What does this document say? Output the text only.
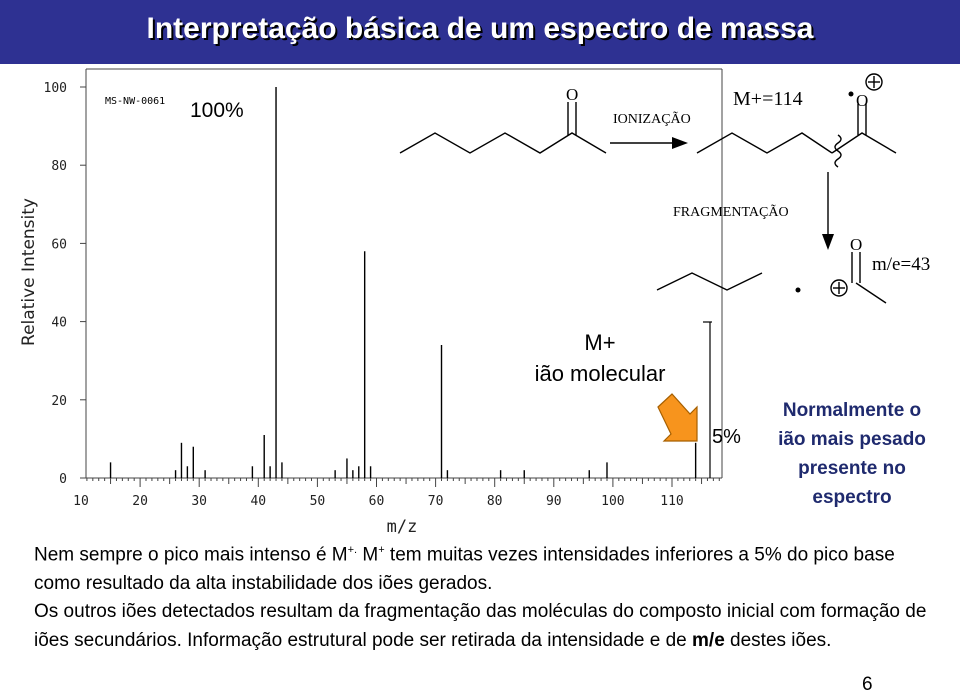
Interpretação básica de um espectro de massa
Relative Intensity
0
20
40
60
80
100
10	20	30	40	50	60	70	80	90	100	110
MS-NW-0061
m/z
100%
M+
ião molecular
5%
Normalmente o
ião mais pesado
presente no
espectro
O	O
O
IONIZAÇÃO
M+=114
FRAGMENTAÇÃO
m/e=43

Nem sempre o pico mais intenso é M+. M+ tem muitas vezes intensidades inferiores a 5% do pico base como resultado da alta instabilidade dos iões gerados.

Os outros iões detectados resultam da fragmentação das moléculas do composto inicial com formação de iões secundários. Informação estrutural pode ser retirada da intensidade e de m/e destes iões.

6
